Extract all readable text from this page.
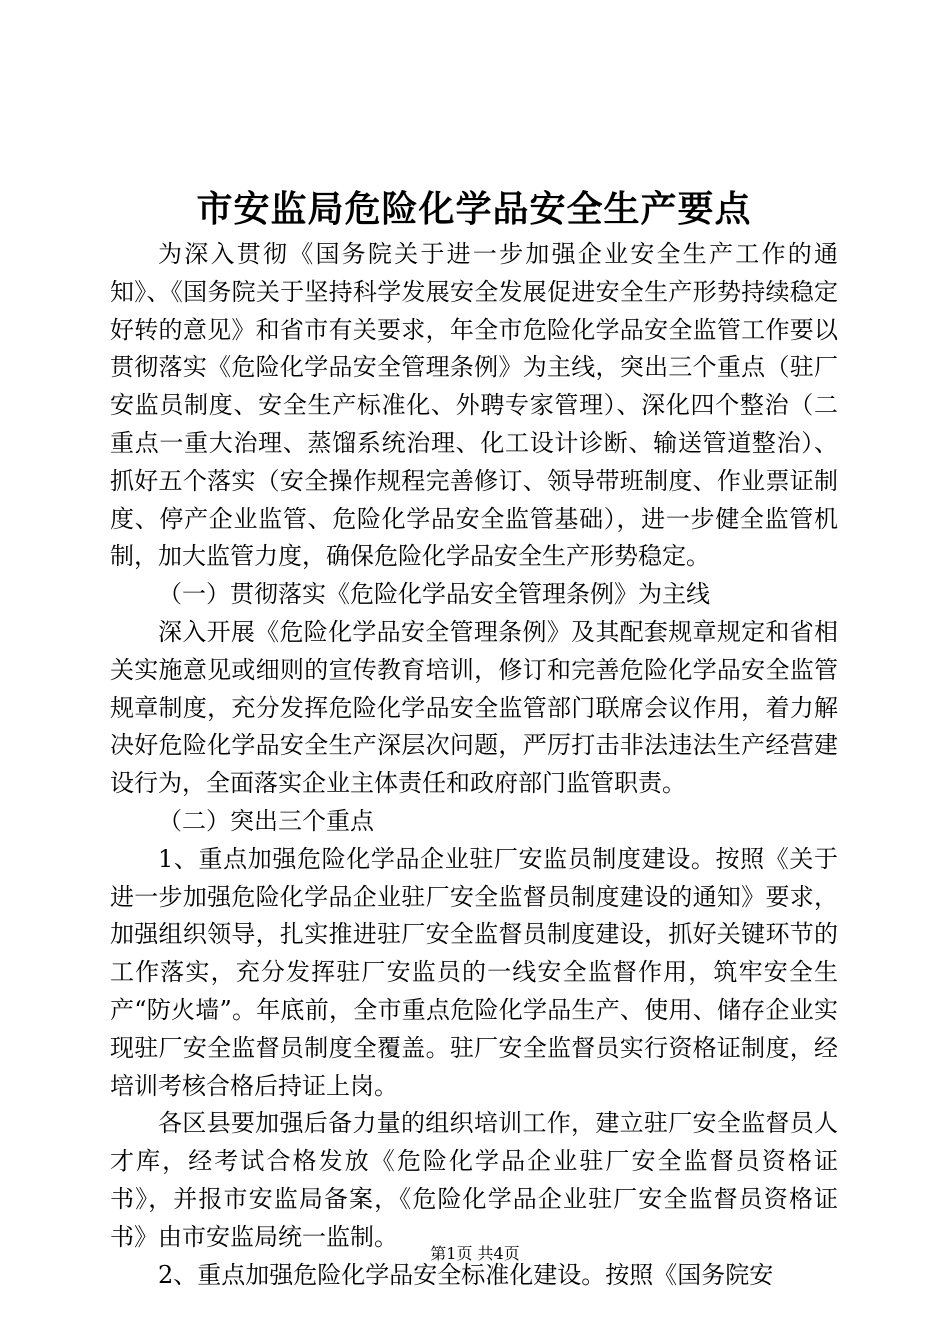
市安监局危险化学品安全生产要点

为深入贯彻《国务院关于进一步加强企业安全生产工作的通知》、《国务院关于坚持科学发展安全发展促进安全生产形势持续稳定好转的意见》和省市有关要求，年全市危险化学品安全监管工作要以贯彻落实《危险化学品安全管理条例》为主线，突出三个重点（驻厂安监员制度、安全生产标准化、外聘专家管理）、深化四个整治（二重点一重大治理、蒸馏系统治理、化工设计诊断、输送管道整治）、抓好五个落实（安全操作规程完善修订、领导带班制度、作业票证制度、停产企业监管、危险化学品安全监管基础），进一步健全监管机制，加大监管力度，确保危险化学品安全生产形势稳定。

（一）贯彻落实《危险化学品安全管理条例》为主线

深入开展《危险化学品安全管理条例》及其配套规章规定和省相关实施意见或细则的宣传教育培训，修订和完善危险化学品安全监管规章制度，充分发挥危险化学品安全监管部门联席会议作用，着力解决好危险化学品安全生产深层次问题，严厉打击非法违法生产经营建设行为，全面落实企业主体责任和政府部门监管职责。

（二）突出三个重点

1、重点加强危险化学品企业驻厂安监员制度建设。按照《关于进一步加强危险化学品企业驻厂安全监督员制度建设的通知》要求，加强组织领导，扎实推进驻厂安全监督员制度建设，抓好关键环节的工作落实，充分发挥驻厂安监员的一线安全监督作用，筑牢安全生产“防火墙”。年底前，全市重点危险化学品生产、使用、储存企业实现驻厂安全监督员制度全覆盖。驻厂安全监督员实行资格证制度，经培训考核合格后持证上岗。

各区县要加强后备力量的组织培训工作，建立驻厂安全监督员人才库，经考试合格发放《危险化学品企业驻厂安全监督员资格证书》，并报市安监局备案，《危险化学品企业驻厂安全监督员资格证书》由市安监局统一监制。

2、重点加强危险化学品安全标准化建设。按照《国务院安

第1页 共4页
